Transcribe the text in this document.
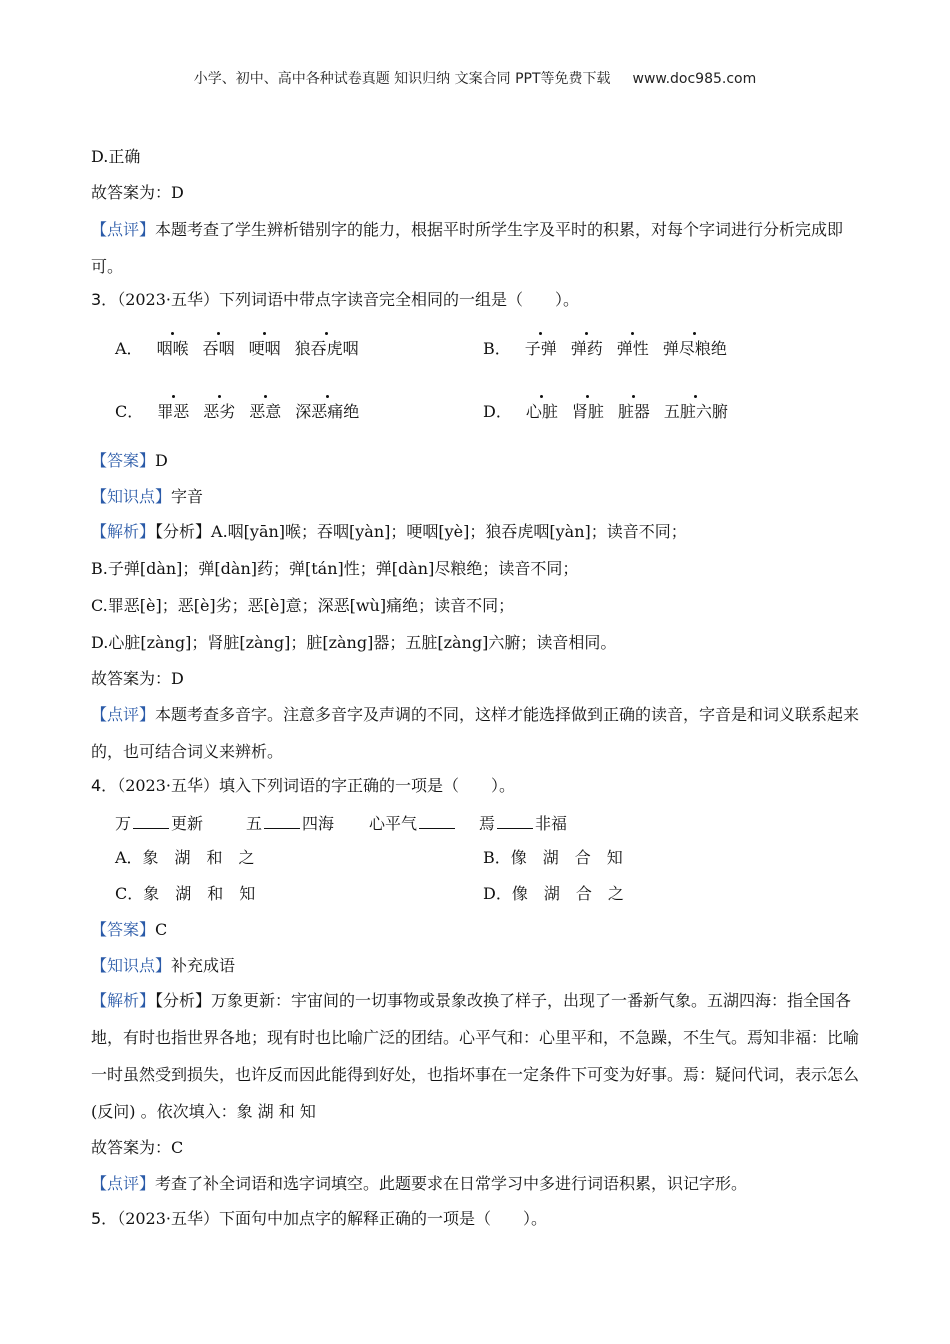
小学、初中、高中各种试卷真题 知识归纳 文案合同 PPT等免费下载 www.doc985.com
D.正确
故答案为：D
【点评】本题考查了学生辨析错别字的能力，根据平时所学生字及平时的积累，对每个字词进行分析完成即可。
3．（2023·五华）下列词语中带点字读音完全相同的一组是（　　）。
A． 咽喉 吞咽 哽咽 狼吞虎咽	B． 子弹 弹药 弹性 弹尽粮绝
C． 罪恶 恶劣 恶意 深恶痛绝	D． 心脏 肾脏 脏器 五脏六腑
【答案】D
【知识点】字音
【解析】【分析】A.咽[yān]喉；吞咽[yàn]；哽咽[yè]；狼吞虎咽[yàn]；读音不同；
B.子弹[dàn]；弹[dàn]药；弹[tán]性；弹[dàn]尽粮绝；读音不同；
C.罪恶[è]；恶[è]劣；恶[è]意；深恶[wù]痛绝；读音不同；
D.心脏[zàng]；肾脏[zàng]；脏[zàng]器；五脏[zàng]六腑；读音相同。
故答案为：D
【点评】本题考查多音字。注意多音字及声调的不同，这样才能选择做到正确的读音，字音是和词义联系起来的，也可结合词义来辨析。
4．（2023·五华）填入下列词语的字正确的一项是（　　）。
万	更新	五	四海 心平气	焉	非福
A．象　湖　和　之	B．像　湖　合　知
C．象　湖　和　知	D．像　湖　合　之
【答案】C
【知识点】补充成语
【解析】【分析】万象更新：宇宙间的一切事物或景象改换了样子，出现了一番新气象。五湖四海：指全国各地，有时也指世界各地；现有时也比喻广泛的团结。心平气和：心里平和，不急躁，不生气。焉知非福：比喻一时虽然受到损失，也许反而因此能得到好处，也指坏事在一定条件下可变为好事。焉：疑问代词，表示怎么(反问) 。依次填入：象 湖 和 知
故答案为：C
【点评】考查了补全词语和选字词填空。此题要求在日常学习中多进行词语积累，识记字形。
5．（2023·五华）下面句中加点字的解释正确的一项是（　　）。
